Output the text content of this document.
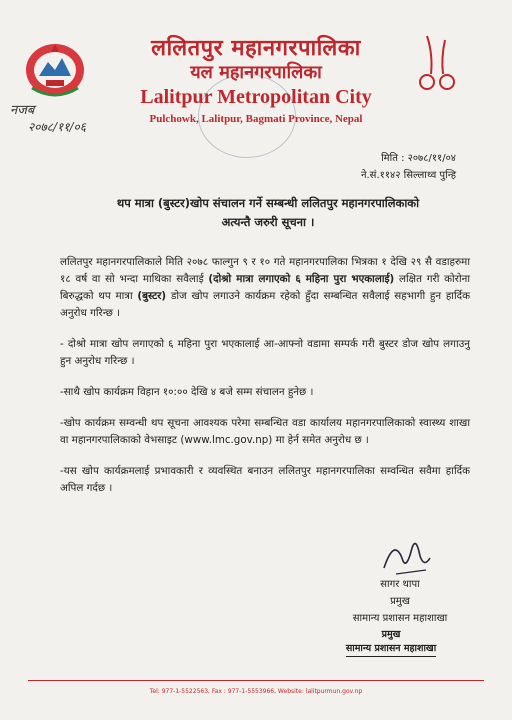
ललितपुर महानगरपालिका
यल महानगरपालिका
Lalitpur Metropolitan City
Pulchowk, Lalitpur, Bagmati Province, Nepal
नजब
२०७८/११/०६
मिति : २०७८/११/०४
ने.सं.११४२ सिल्लाथ्व पुन्हि
थप मात्रा (बुस्टर)खोप संचालन गर्ने सम्बन्धी ललितपुर महानगरपालिकाको
अत्यन्तै जरुरी सूचना ।

ललितपुर महानगरपालिकाले मिति २०७८ फाल्गुन ९ र १० गते महानगरपालिका भित्रका १ देखि २९ सै वडाहरुमा १८ वर्ष वा सो भन्दा माथिका सवैलाई (दोश्रो मात्रा लगाएको ६ महिना पुरा भएकालाई) लक्षित गरी कोरोना बिरुद्धको थप मात्रा (बुस्टर) डोज खोप लगाउने कार्यक्रम रहेको हुँदा सम्बन्धित सवैलाई सहभागी हुन हार्दिक अनुरोध गरिन्छ ।

- दोश्रो मात्रा खोप लगाएको ६ महिना पुरा भएकालाई आ-आफ्नो वडामा सम्पर्क गरी बुस्टर डोज खोप लगाउनु हुन अनुरोध गरिन्छ ।

-साथै खोप कार्यक्रम विहान १०:०० देखि ४ बजे सम्म संचालन हुनेछ ।

-खोप कार्यक्रम सम्वन्धी थप सूचना आवश्यक परेमा सम्बन्धित वडा कार्यालय महानगरपालिकाको स्वास्थ्य शाखा वा महानगरपालिकाको वेभसाइट (www.lmc.gov.np) मा हेर्न समेत अनुरोध छ ।

-यस खोप कार्यक्रमलाई प्रभावकारी र व्यवस्थित बनाउन ललितपुर महानगरपालिका सम्वन्धित सवैमा हार्दिक अपिल गर्दछ ।

सागर थापा
प्रमुख
सामान्य प्रशासन महाशाखा
प्रमुख
सामान्य प्रशासन महाशाखा
Tel: 977-1-5522563, Fax : 977-1-5553966, Website: lalitpurmun.gov.np
